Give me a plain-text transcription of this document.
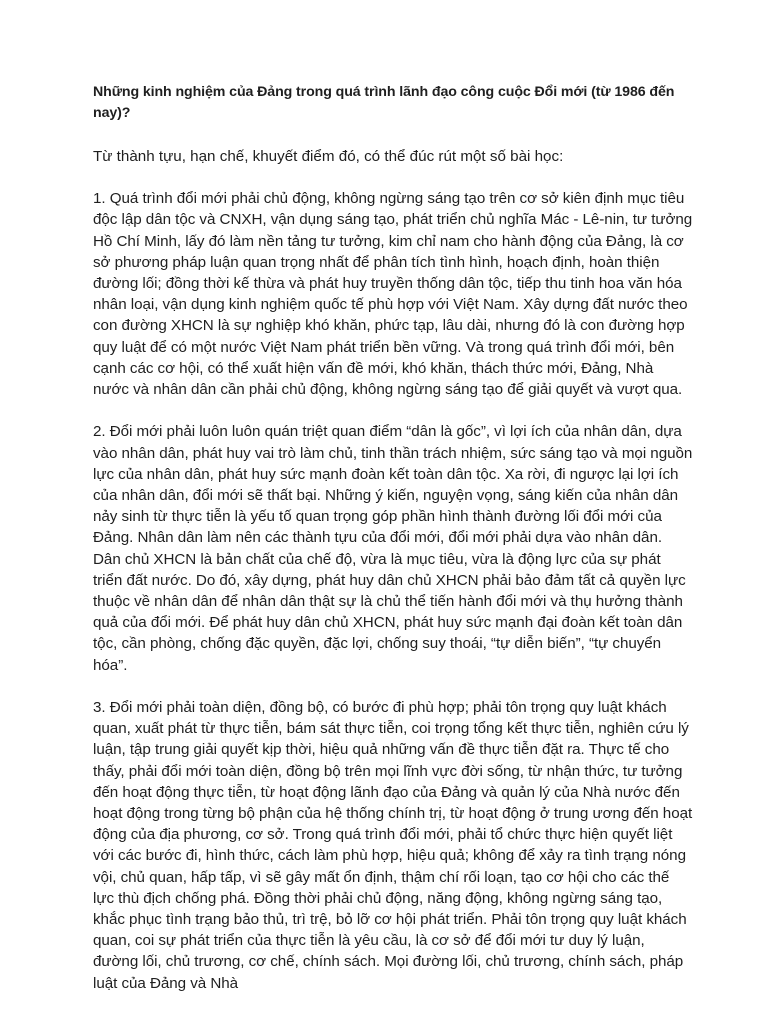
Những kinh nghiệm của Đảng trong quá trình lãnh đạo công cuộc Đổi mới (từ 1986 đến nay)?
Từ thành tựu, hạn chế, khuyết điểm đó, có thể đúc rút một số bài học:
1. Quá trình đổi mới phải chủ động, không ngừng sáng tạo trên cơ sở kiên định mục tiêu độc lập dân tộc và CNXH, vận dụng sáng tạo, phát triển chủ nghĩa Mác - Lê-nin, tư tưởng Hồ Chí Minh, lấy đó làm nền tảng tư tưởng, kim chỉ nam cho hành động của Đảng, là cơ sở phương pháp luận quan trọng nhất để phân tích tình hình, hoạch định, hoàn thiện đường lối; đồng thời kế thừa và phát huy truyền thống dân tộc, tiếp thu tinh hoa văn hóa nhân loại, vận dụng kinh nghiệm quốc tế phù hợp với Việt Nam. Xây dựng đất nước theo con đường XHCN là sự nghiệp khó khăn, phức tạp, lâu dài, nhưng đó là con đường hợp quy luật để có một nước Việt Nam phát triển bền vững. Và trong quá trình đổi mới, bên cạnh các cơ hội, có thể xuất hiện vấn đề mới, khó khăn, thách thức mới, Đảng, Nhà nước và nhân dân cần phải chủ động, không ngừng sáng tạo để giải quyết và vượt qua.
2. Đổi mới phải luôn luôn quán triệt quan điểm “dân là gốc”, vì lợi ích của nhân dân, dựa vào nhân dân, phát huy vai trò làm chủ, tinh thần trách nhiệm, sức sáng tạo và mọi nguồn lực của nhân dân, phát huy sức mạnh đoàn kết toàn dân tộc. Xa rời, đi ngược lại lợi ích của nhân dân, đổi mới sẽ thất bại. Những ý kiến, nguyện vọng, sáng kiến của nhân dân nảy sinh từ thực tiễn là yếu tố quan trọng góp phần hình thành đường lối đổi mới của Đảng. Nhân dân làm nên các thành tựu của đổi mới, đổi mới phải dựa vào nhân dân. Dân chủ XHCN là bản chất của chế độ, vừa là mục tiêu, vừa là động lực của sự phát triển đất nước. Do đó, xây dựng, phát huy dân chủ XHCN phải bảo đảm tất cả quyền lực thuộc về nhân dân để nhân dân thật sự là chủ thể tiến hành đổi mới và thụ hưởng thành quả của đổi mới. Để phát huy dân chủ XHCN, phát huy sức mạnh đại đoàn kết toàn dân tộc, cần phòng, chống đặc quyền, đặc lợi, chống suy thoái, “tự diễn biến”, “tự chuyển hóa”.
3. Đổi mới phải toàn diện, đồng bộ, có bước đi phù hợp; phải tôn trọng quy luật khách quan, xuất phát từ thực tiễn, bám sát thực tiễn, coi trọng tổng kết thực tiễn, nghiên cứu lý luận, tập trung giải quyết kịp thời, hiệu quả những vấn đề thực tiễn đặt ra. Thực tế cho thấy, phải đổi mới toàn diện, đồng bộ trên mọi lĩnh vực đời sống, từ nhận thức, tư tưởng đến hoạt động thực tiễn, từ hoạt động lãnh đạo của Đảng và quản lý của Nhà nước đến hoạt động trong từng bộ phận của hệ thống chính trị, từ hoạt động ở trung ương đến hoạt động của địa phương, cơ sở. Trong quá trình đổi mới, phải tổ chức thực hiện quyết liệt với các bước đi, hình thức, cách làm phù hợp, hiệu quả; không để xảy ra tình trạng nóng vội, chủ quan, hấp tấp, vì sẽ gây mất ổn định, thậm chí rối loạn, tạo cơ hội cho các thế lực thù địch chống phá. Đồng thời phải chủ động, năng động, không ngừng sáng tạo, khắc phục tình trạng bảo thủ, trì trệ, bỏ lỡ cơ hội phát triển. Phải tôn trọng quy luật khách quan, coi sự phát triển của thực tiễn là yêu cầu, là cơ sở để đổi mới tư duy lý luận, đường lối, chủ trương, cơ chế, chính sách. Mọi đường lối, chủ trương, chính sách, pháp luật của Đảng và Nhà
